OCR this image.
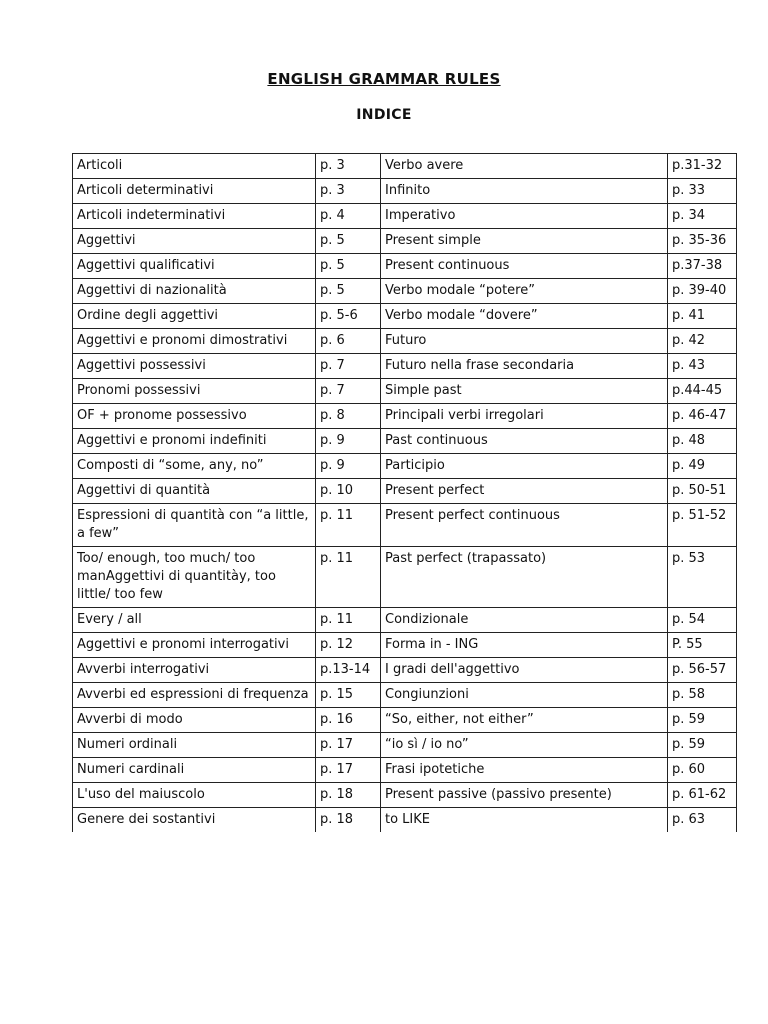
ENGLISH GRAMMAR RULES
INDICE
Articoli	p. 3	Verbo avere	p.31-32
Articoli determinativi	p. 3	Infinito	p. 33
Articoli indeterminativi	p. 4	Imperativo	p. 34
Aggettivi	p. 5	Present simple	p. 35-36
Aggettivi qualificativi	p. 5	Present continuous	p.37-38
Aggettivi di nazionalità	p. 5	Verbo modale “potere”	p. 39-40
Ordine degli aggettivi	p. 5-6	Verbo modale “dovere”	p. 41
Aggettivi e pronomi dimostrativi	p. 6	Futuro	p. 42
Aggettivi possessivi	p. 7	Futuro nella frase secondaria	p. 43
Pronomi possessivi	p. 7	Simple past	p.44-45
OF + pronome possessivo	p. 8	Principali verbi irregolari	p. 46-47
Aggettivi e pronomi indefiniti	p. 9	Past continuous	p. 48
Composti di “some, any, no”	p. 9	Participio	p. 49
Aggettivi di quantità	p. 10	Present perfect	p. 50-51
Espressioni di quantità con “a little, a few”	p. 11	Present perfect continuous	p. 51-52
Too/ enough, too much/ too manAggettivi di quantitày, too little/ too few	p. 11	Past perfect (trapassato)	p. 53
Every / all	p. 11	Condizionale	p. 54
Aggettivi e pronomi interrogativi	p. 12	Forma in - ING	P. 55
Avverbi interrogativi	p.13-14	I gradi dell'aggettivo	p. 56-57
Avverbi ed espressioni di frequenza	p. 15	Congiunzioni	p. 58
Avverbi di modo	p. 16	“So, either, not either”	p. 59
Numeri ordinali	p. 17	“io sì / io no”	p. 59
Numeri cardinali	p. 17	Frasi ipotetiche	p. 60
L'uso del maiuscolo	p. 18	Present passive (passivo presente)	p. 61-62
Genere dei sostantivi	p. 18	to LIKE	p. 63
